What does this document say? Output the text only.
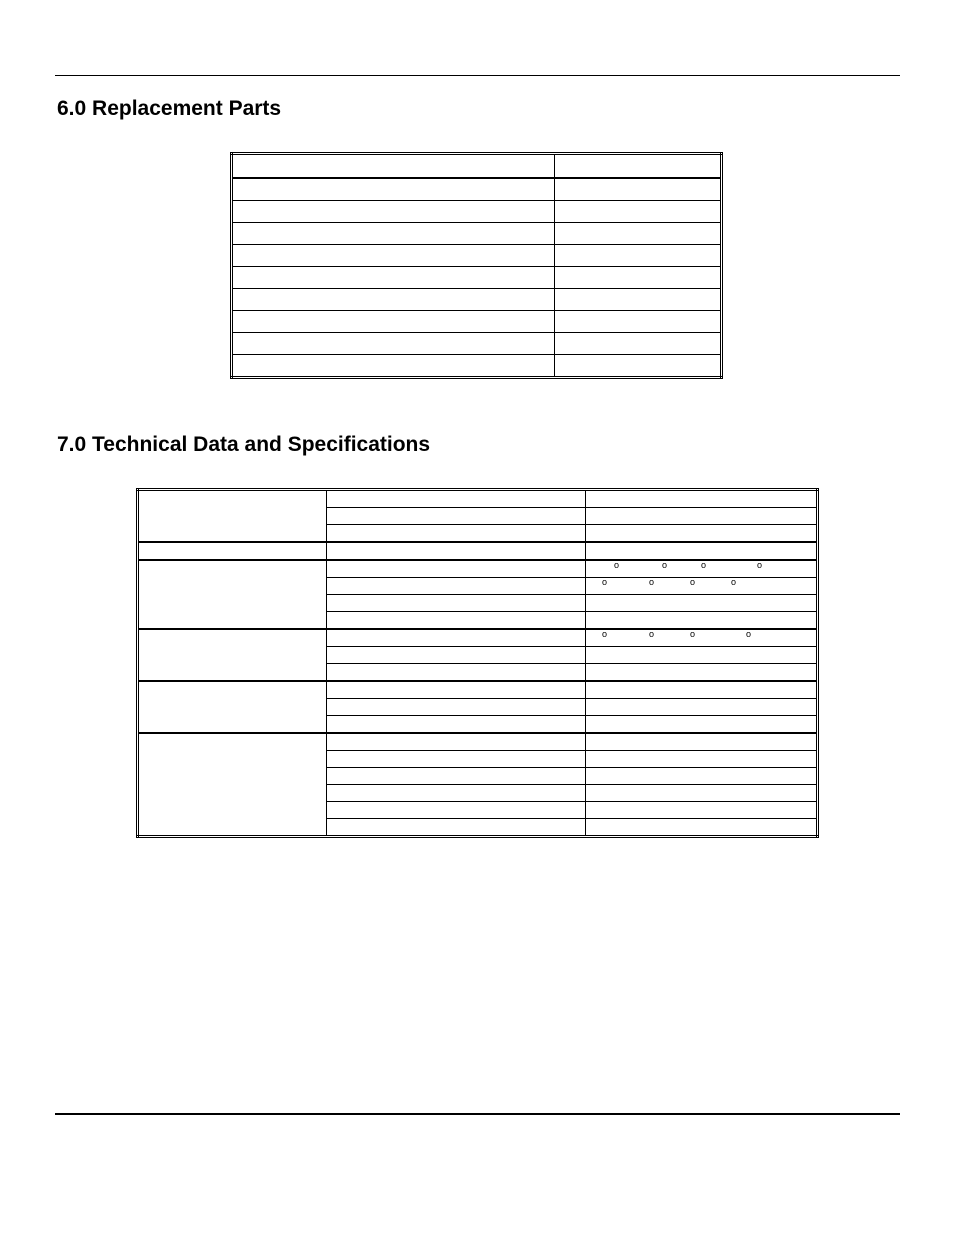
6.0 Replacement Parts

7.0 Technical Data and Specifications

		o o o o

		o o o o

		o o o o
